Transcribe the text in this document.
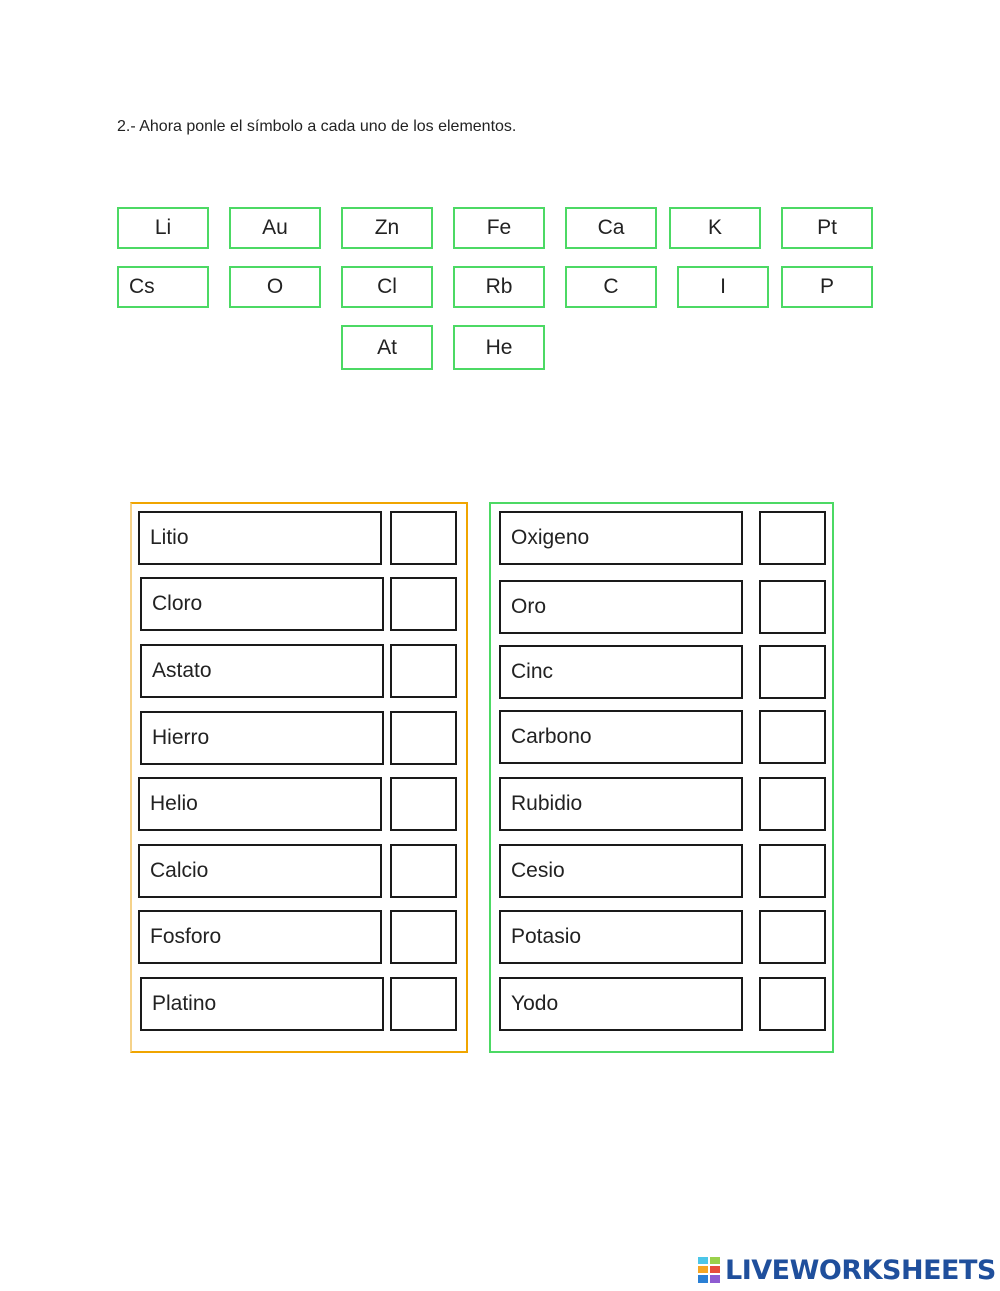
2.- Ahora ponle el símbolo a cada uno de los elementos.
Li	Au	Zn	Fe	Ca	K	Pt
Cs	O	Cl	Rb	C	I	P
At	He
Litio
Cloro
Astato
Hierro
Helio
Calcio
Fosforo
Platino
Oxigeno
Oro
Cinc
Carbono
Rubidio
Cesio
Potasio
Yodo
LIVEWORKSHEETS
